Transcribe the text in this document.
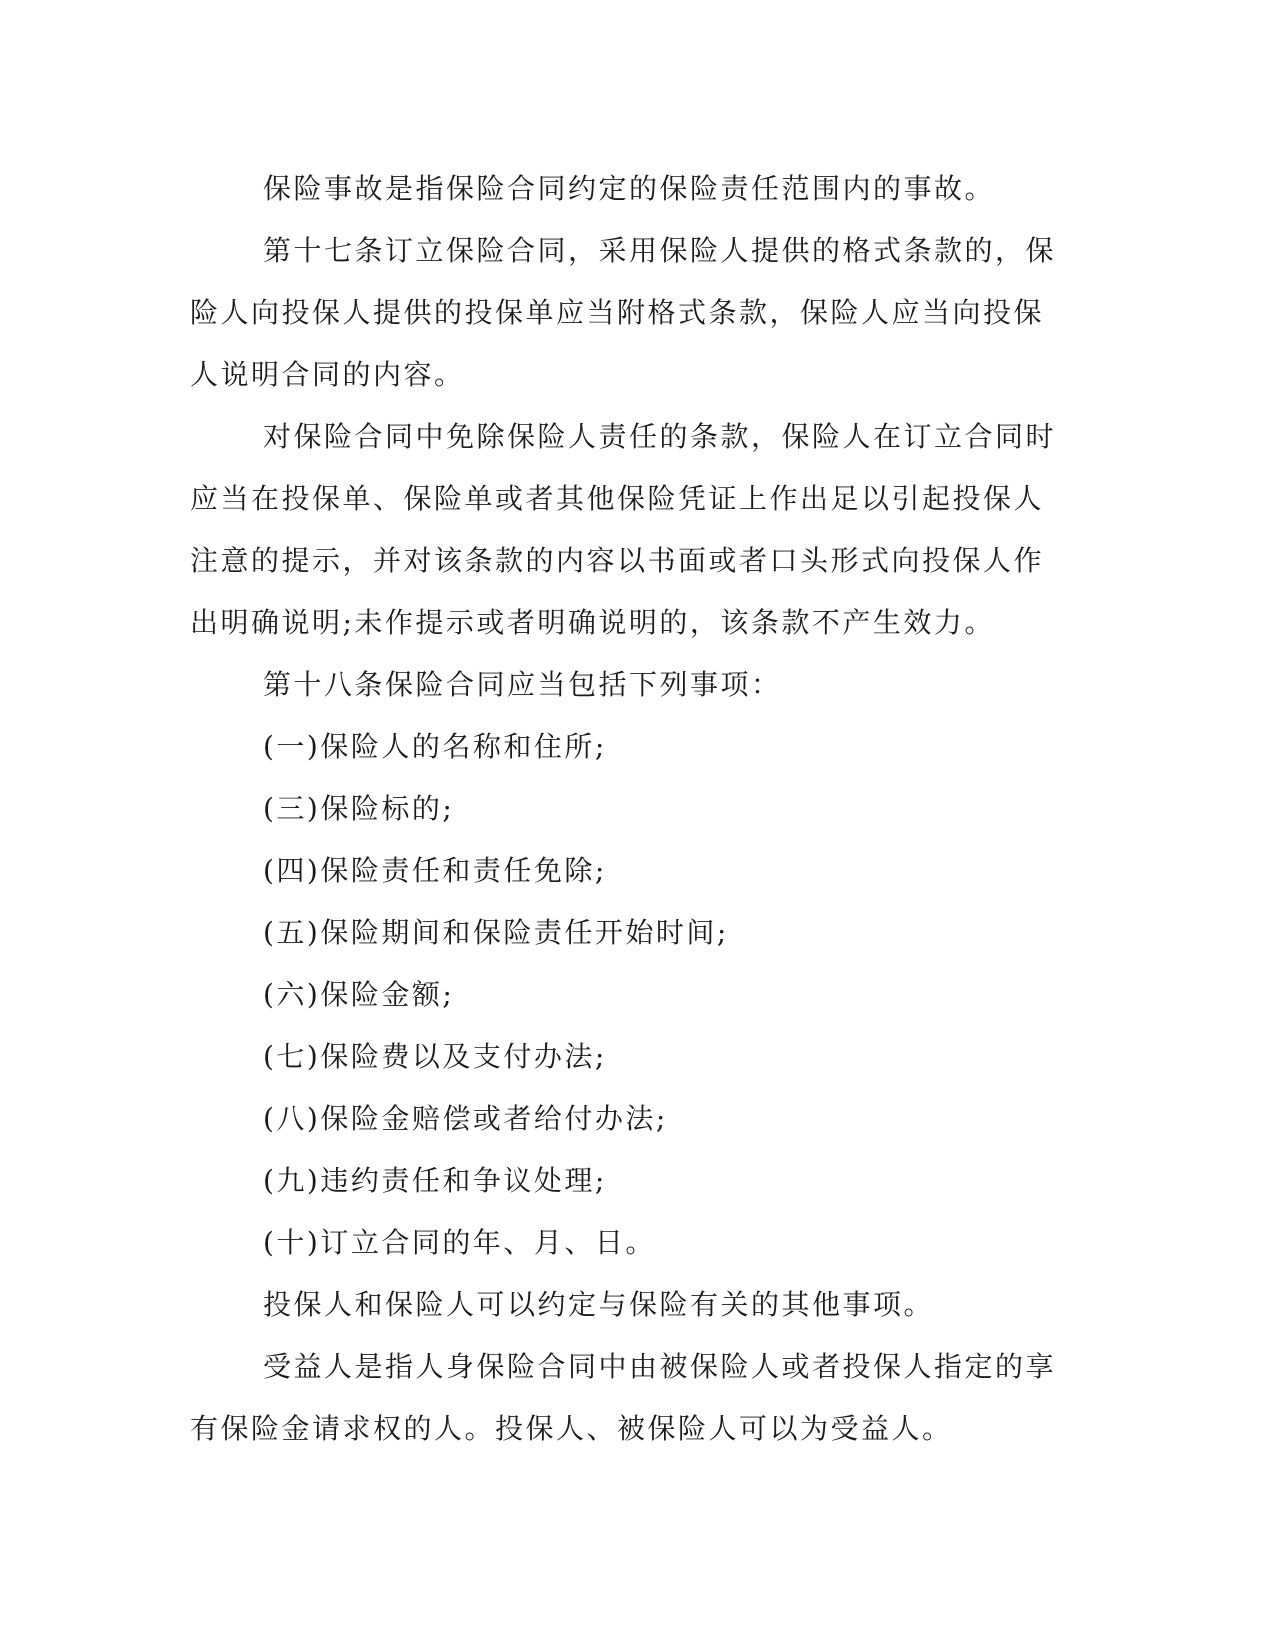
保险事故是指保险合同约定的保险责任范围内的事故。

第十七条订立保险合同，采用保险人提供的格式条款的，保险人向投保人提供的投保单应当附格式条款，保险人应当向投保人说明合同的内容。

对保险合同中免除保险人责任的条款，保险人在订立合同时应当在投保单、保险单或者其他保险凭证上作出足以引起投保人注意的提示，并对该条款的内容以书面或者口头形式向投保人作出明确说明;未作提示或者明确说明的，该条款不产生效力。

第十八条保险合同应当包括下列事项：

(一)保险人的名称和住所;

(三)保险标的;

(四)保险责任和责任免除;

(五)保险期间和保险责任开始时间;

(六)保险金额;

(七)保险费以及支付办法;

(八)保险金赔偿或者给付办法;

(九)违约责任和争议处理;

(十)订立合同的年、月、日。

投保人和保险人可以约定与保险有关的其他事项。

受益人是指人身保险合同中由被保险人或者投保人指定的享有保险金请求权的人。投保人、被保险人可以为受益人。
